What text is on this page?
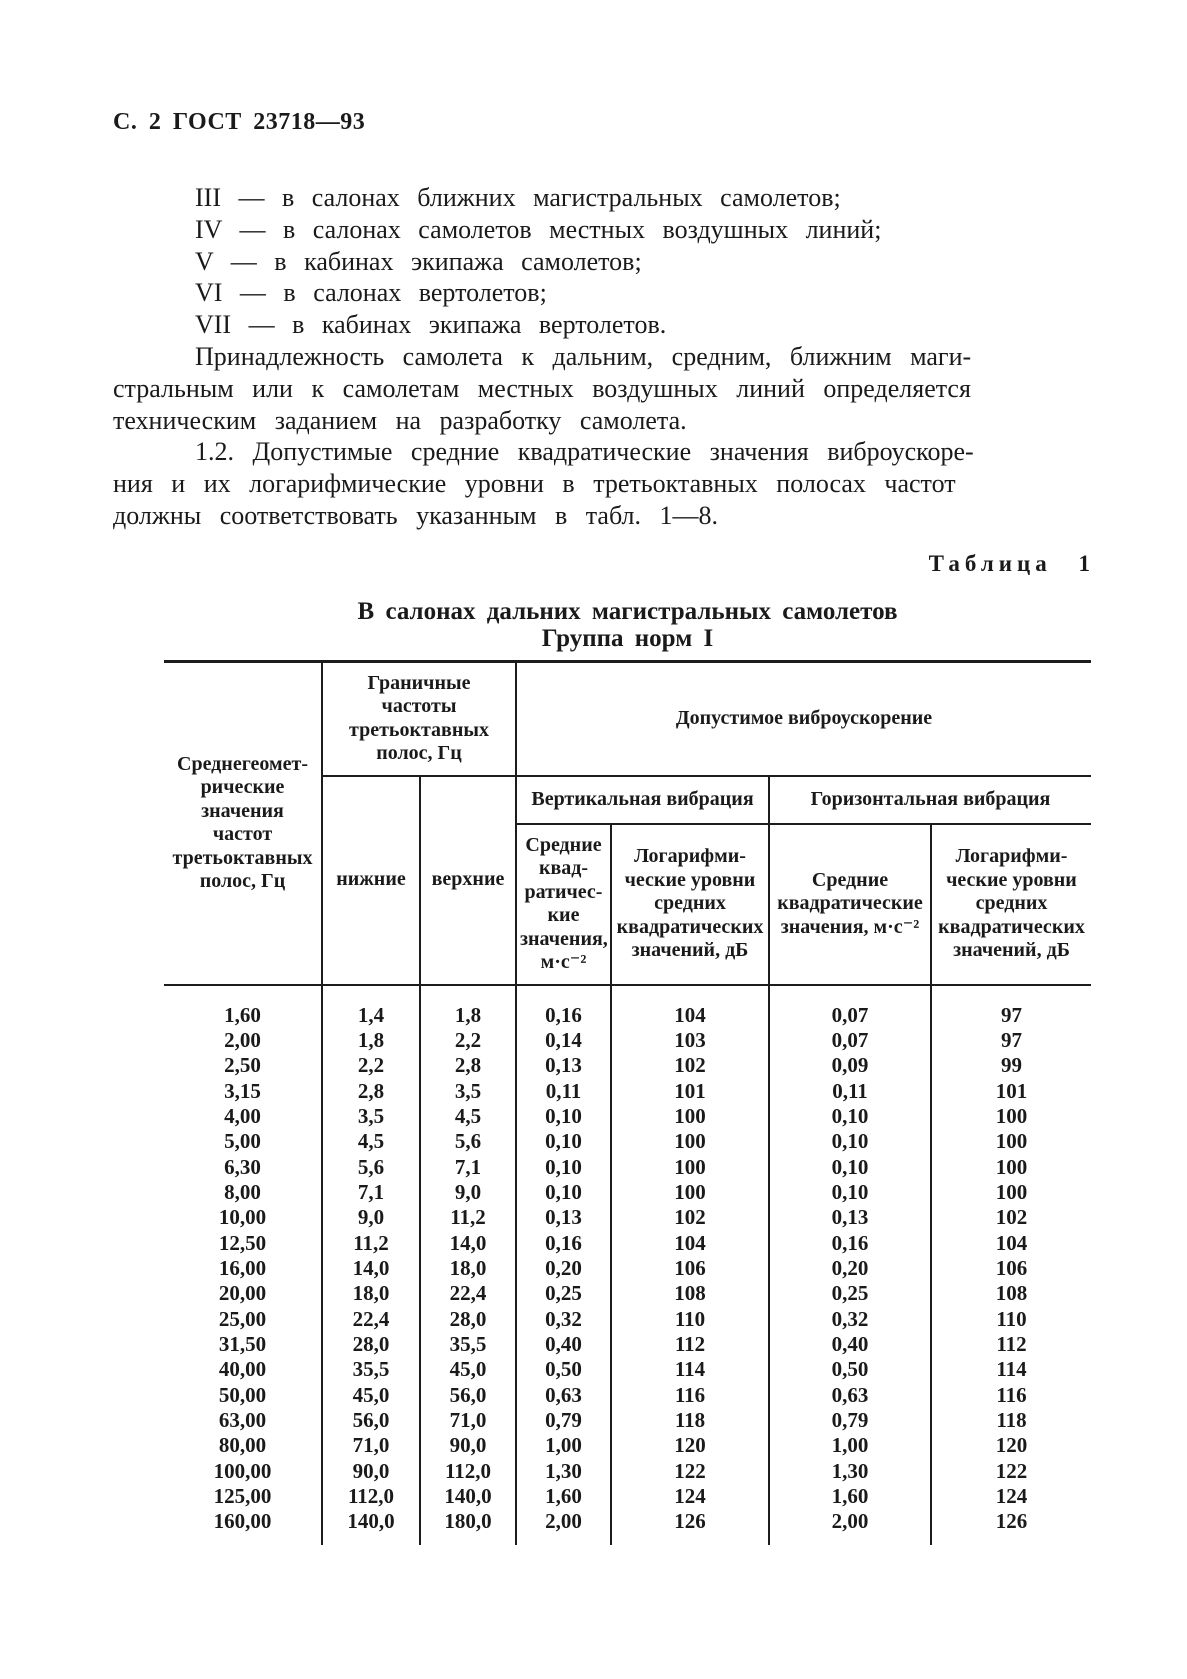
С. 2 ГОСТ 23718—93
III — в салонах ближних магистральных самолетов;
IV — в салонах самолетов местных воздушных линий;
V — в кабинах экипажа самолетов;
VI — в салонах вертолетов;
VII — в кабинах экипажа вертолетов.

Принадлежность самолета к дальним, средним, ближним маги-
стральным или к самолетам местных воздушных линий определяется
техническим заданием на разработку самолета.

1.2. Допустимые средние квадратические значения виброускоре-
ния и их логарифмические уровни в третьоктавных полосах частот
должны соответствовать указанным в табл. 1—8.

Таблица 1
В салонах дальних магистральных самолетов
Группа норм I
Среднегеомет-
рические
значения
частот
третьоктавных
полос, Гц	Граничные
частоты
третьоктавных
полос, Гц	Допустимое виброускорение
	нижние	верхние	Вертикальная вибрация		Горизонтальная вибрация	
Средние
квад-
ратичес-
кие
значения,
м·с⁻²	Логарифми-
ческие уровни
средних
квадратических
значений, дБ	Средние
квадратические
значения, м·с⁻²	Логарифми-
ческие уровни
средних
квадратических
значений, дБ

1,60	1,4	1,8	0,16	104	0,07	97
2,00	1,8	2,2	0,14	103	0,07	97
2,50	2,2	2,8	0,13	102	0,09	99
3,15	2,8	3,5	0,11	101	0,11	101
4,00	3,5	4,5	0,10	100	0,10	100
5,00	4,5	5,6	0,10	100	0,10	100
6,30	5,6	7,1	0,10	100	0,10	100
8,00	7,1	9,0	0,10	100	0,10	100
10,00	9,0	11,2	0,13	102	0,13	102
12,50	11,2	14,0	0,16	104	0,16	104
16,00	14,0	18,0	0,20	106	0,20	106
20,00	18,0	22,4	0,25	108	0,25	108
25,00	22,4	28,0	0,32	110	0,32	110
31,50	28,0	35,5	0,40	112	0,40	112
40,00	35,5	45,0	0,50	114	0,50	114
50,00	45,0	56,0	0,63	116	0,63	116
63,00	56,0	71,0	0,79	118	0,79	118
80,00	71,0	90,0	1,00	120	1,00	120
100,00	90,0	112,0	1,30	122	1,30	122
125,00	112,0	140,0	1,60	124	1,60	124
160,00	140,0	180,0	2,00	126	2,00	126
